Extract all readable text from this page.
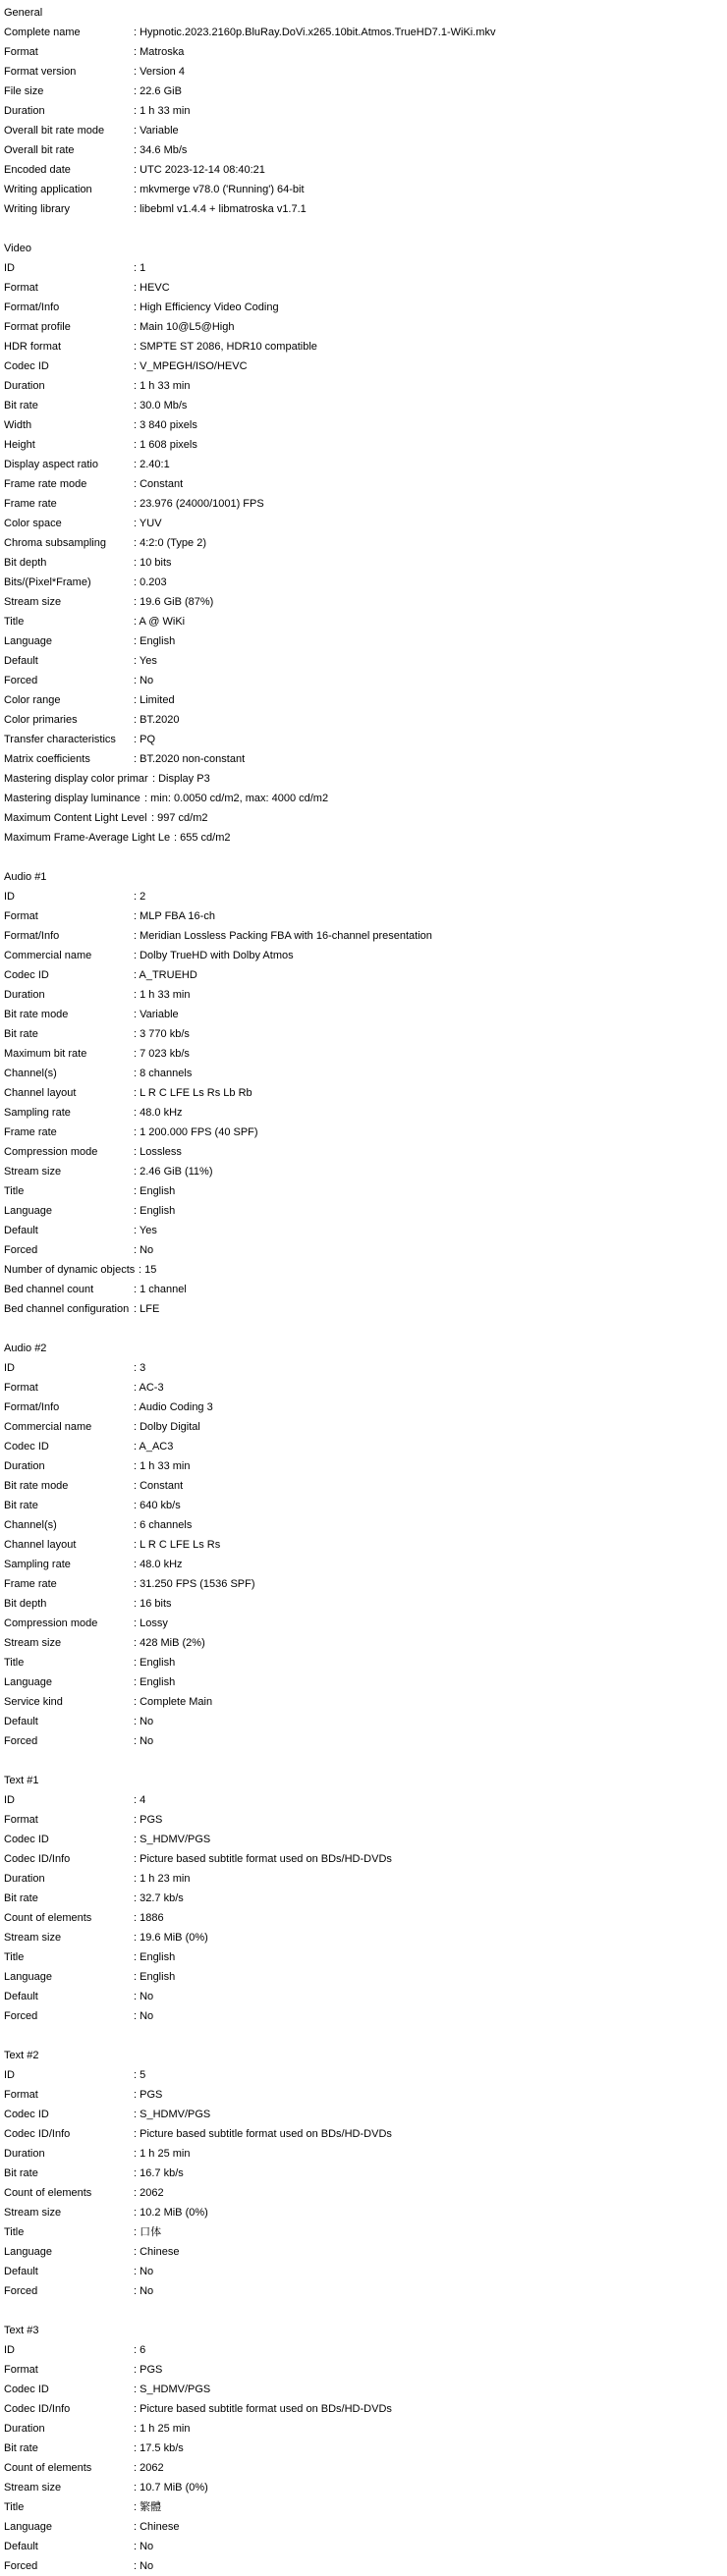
General
Complete name	: Hypnotic.2023.2160p.BluRay.DoVi.x265.10bit.Atmos.TrueHD7.1-WiKi.mkv
Format	: Matroska
Format version	: Version 4
File size	: 22.6 GiB
Duration	: 1 h 33 min
Overall bit rate mode	: Variable
Overall bit rate	: 34.6 Mb/s
Encoded date	: UTC 2023-12-14 08:40:21
Writing application	: mkvmerge v78.0 ('Running') 64-bit
Writing library	: libebml v1.4.4 + libmatroska v1.7.1
Video
ID	: 1
Format	: HEVC
Format/Info	: High Efficiency Video Coding
Format profile	: Main 10@L5@High
HDR format	: SMPTE ST 2086, HDR10 compatible
Codec ID	: V_MPEGH/ISO/HEVC
Duration	: 1 h 33 min
Bit rate	: 30.0 Mb/s
Width	: 3 840 pixels
Height	: 1 608 pixels
Display aspect ratio	: 2.40:1
Frame rate mode	: Constant
Frame rate	: 23.976 (24000/1001) FPS
Color space	: YUV
Chroma subsampling	: 4:2:0 (Type 2)
Bit depth	: 10 bits
Bits/(Pixel*Frame)	: 0.203
Stream size	: 19.6 GiB (87%)
Title	: A @ WiKi
Language	: English
Default	: Yes
Forced	: No
Color range	: Limited
Color primaries	: BT.2020
Transfer characteristics : PQ
Matrix coefficients	: BT.2020 non-constant
Mastering display color primar : Display P3
Mastering display luminance : min: 0.0050 cd/m2, max: 4000 cd/m2
Maximum Content Light Level : 997 cd/m2
Maximum Frame-Average Light Le : 655 cd/m2
Audio #1
ID	: 2
Format	: MLP FBA 16-ch
Format/Info	: Meridian Lossless Packing FBA with 16-channel presentation
Commercial name	: Dolby TrueHD with Dolby Atmos
Codec ID	: A_TRUEHD
Duration	: 1 h 33 min
Bit rate mode	: Variable
Bit rate	: 3 770 kb/s
Maximum bit rate	: 7 023 kb/s
Channel(s)	: 8 channels
Channel layout	: L R C LFE Ls Rs Lb Rb
Sampling rate	: 48.0 kHz
Frame rate	: 1 200.000 FPS (40 SPF)
Compression mode	: Lossless
Stream size	: 2.46 GiB (11%)
Title	: English
Language	: English
Default	: Yes
Forced	: No
Number of dynamic objects : 15
Bed channel count	: 1 channel
Bed channel configuration : LFE
Audio #2
ID	: 3
Format	: AC-3
Format/Info	: Audio Coding 3
Commercial name	: Dolby Digital
Codec ID	: A_AC3
Duration	: 1 h 33 min
Bit rate mode	: Constant
Bit rate	: 640 kb/s
Channel(s)	: 6 channels
Channel layout	: L R C LFE Ls Rs
Sampling rate	: 48.0 kHz
Frame rate	: 31.250 FPS (1536 SPF)
Bit depth	: 16 bits
Compression mode	: Lossy
Stream size	: 428 MiB (2%)
Title	: English
Language	: English
Service kind	: Complete Main
Default	: No
Forced	: No
Text #1
ID	: 4
Format	: PGS
Codec ID	: S_HDMV/PGS
Codec ID/Info	: Picture based subtitle format used on BDs/HD-DVDs
Duration	: 1 h 23 min
Bit rate	: 32.7 kb/s
Count of elements	: 1886
Stream size	: 19.6 MiB (0%)
Title	: English
Language	: English
Default	: No
Forced	: No
Text #2
ID	: 5
Format	: PGS
Codec ID	: S_HDMV/PGS
Codec ID/Info	: Picture based subtitle format used on BDs/HD-DVDs
Duration	: 1 h 25 min
Bit rate	: 16.7 kb/s
Count of elements	: 2062
Stream size	: 10.2 MiB (0%)
Title	: 口体
Language	: Chinese
Default	: No
Forced	: No
Text #3
ID	: 6
Format	: PGS
Codec ID	: S_HDMV/PGS
Codec ID/Info	: Picture based subtitle format used on BDs/HD-DVDs
Duration	: 1 h 25 min
Bit rate	: 17.5 kb/s
Count of elements	: 2062
Stream size	: 10.7 MiB (0%)
Title	: 繁體
Language	: Chinese
Default	: No
Forced	: No
